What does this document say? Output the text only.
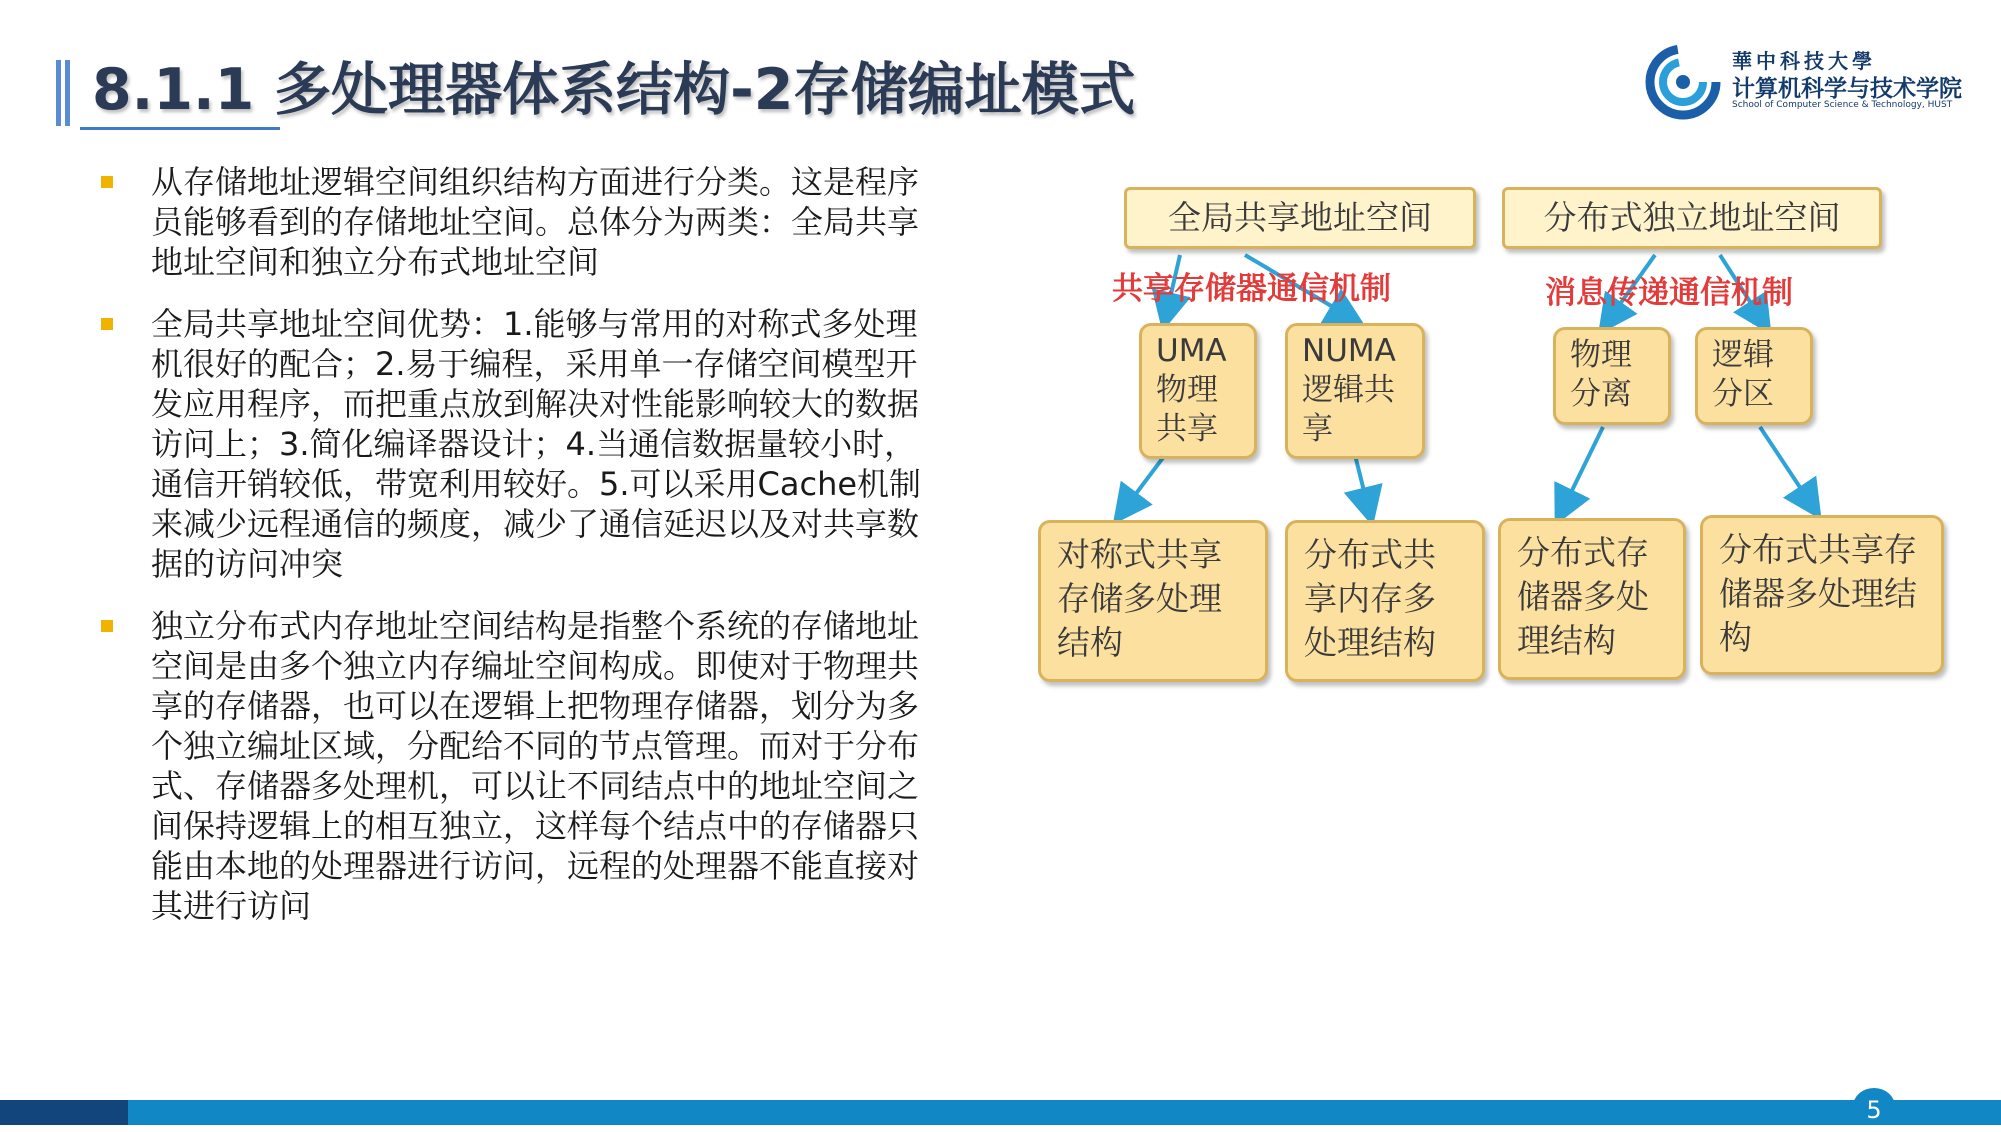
8.1.1 多处理器体系结构-2存储编址模式	華中科技大學
计算机科学与技术学院
School of Computer Science & Technology, HUST
从存储地址逻辑空间组织结构方面进行分类。这是程序员能够看到的存储地址空间。总体分为两类：全局共享地址空间和独立分布式地址空间
全局共享地址空间优势：1.能够与常用的对称式多处理机很好的配合；2.易于编程，采用单一存储空间模型开发应用程序，而把重点放到解决对性能影响较大的数据访问上；3.简化编译器设计；4.当通信数据量较小时，通信开销较低，带宽利用较好。5.可以采用Cache机制来减少远程通信的频度，减少了通信延迟以及对共享数据的访问冲突
独立分布式内存地址空间结构是指整个系统的存储地址空间是由多个独立内存编址空间构成。即使对于物理共享的存储器，也可以在逻辑上把物理存储器，划分为多个独立编址区域，分配给不同的节点管理。而对于分布式、存储器多处理机，可以让不同结点中的地址空间之间保持逻辑上的相互独立，这样每个结点中的存储器只能由本地的处理器进行访问，远程的处理器不能直接对其进行访问
全局共享地址空间	分布式独立地址空间
共享存储器通信机制	消息传递通信机制
UMA 物理共享
NUMA 逻辑共享
物理分离
逻辑分区
对称式共享存储多处理结构
分布式共享内存多处理结构
分布式存储器多处理结构
分布式共享存储器多处理结构
5
